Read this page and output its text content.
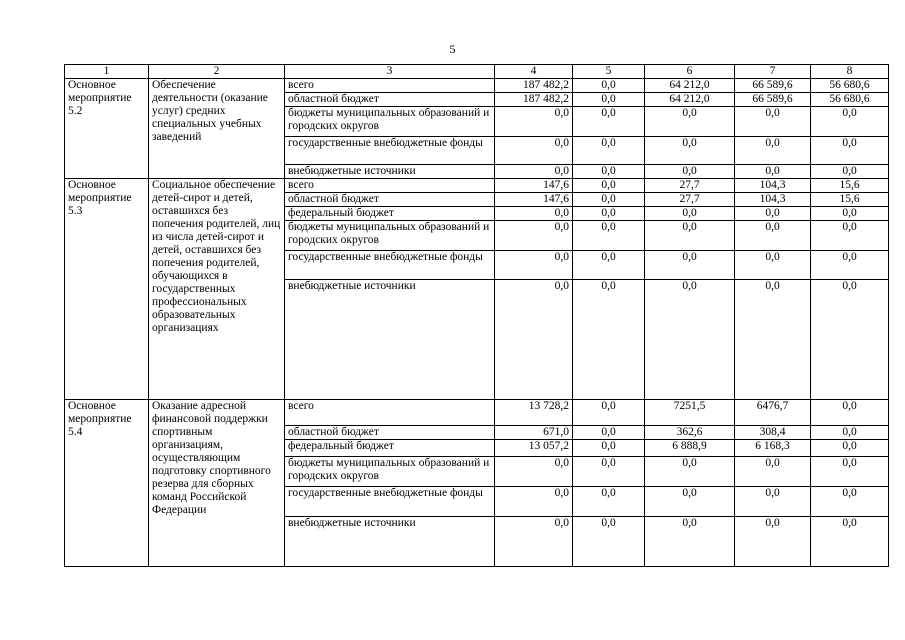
5
1	2	3	4	5	6	7	8
Основное мероприятие 5.2	Обеспечение деятельности (оказание услуг) средних специальных учебных заведений	всего	187 482,2	0,0	64 212,0	66 589,6	56 680,6
		областной бюджет	187 482,2	0,0	64 212,0	66 589,6	56 680,6
		бюджеты муниципальных образований и городских округов	0,0	0,0	0,0	0,0	0,0
		государственные внебюджетные фонды	0,0	0,0	0,0	0,0	0,0
		внебюджетные источники	0,0	0,0	0,0	0,0	0,0
Основное мероприятие 5.3	Социальное обеспечение детей-сирот и детей, оставшихся без попечения родителей, лиц из числа детей-сирот и детей, оставшихся без попечения родителей, обучающихся в государственных профессиональных образовательных организациях	всего	147,6	0,0	27,7	104,3	15,6
		областной бюджет	147,6	0,0	27,7	104,3	15,6
		федеральный бюджет	0,0	0,0	0,0	0,0	0,0
		бюджеты муниципальных образований и городских округов	0,0	0,0	0,0	0,0	0,0
		государственные внебюджетные фонды	0,0	0,0	0,0	0,0	0,0
		внебюджетные источники	0,0	0,0	0,0	0,0	0,0
Основное мероприятие 5.4	Оказание адресной финансовой поддержки спортивным организациям, осуществляющим подготовку спортивного резерва для сборных команд Российской Федерации	всего	13 728,2	0,0	7251,5	6476,7	0,0
		областной бюджет	671,0	0,0	362,6	308,4	0,0
		федеральный бюджет	13 057,2	0,0	6 888,9	6 168,3	0,0
		бюджеты муниципальных образований и городских округов	0,0	0,0	0,0	0,0	0,0
		государственные внебюджетные фонды	0,0	0,0	0,0	0,0	0,0
		внебюджетные источники	0,0	0,0	0,0	0,0	0,0
